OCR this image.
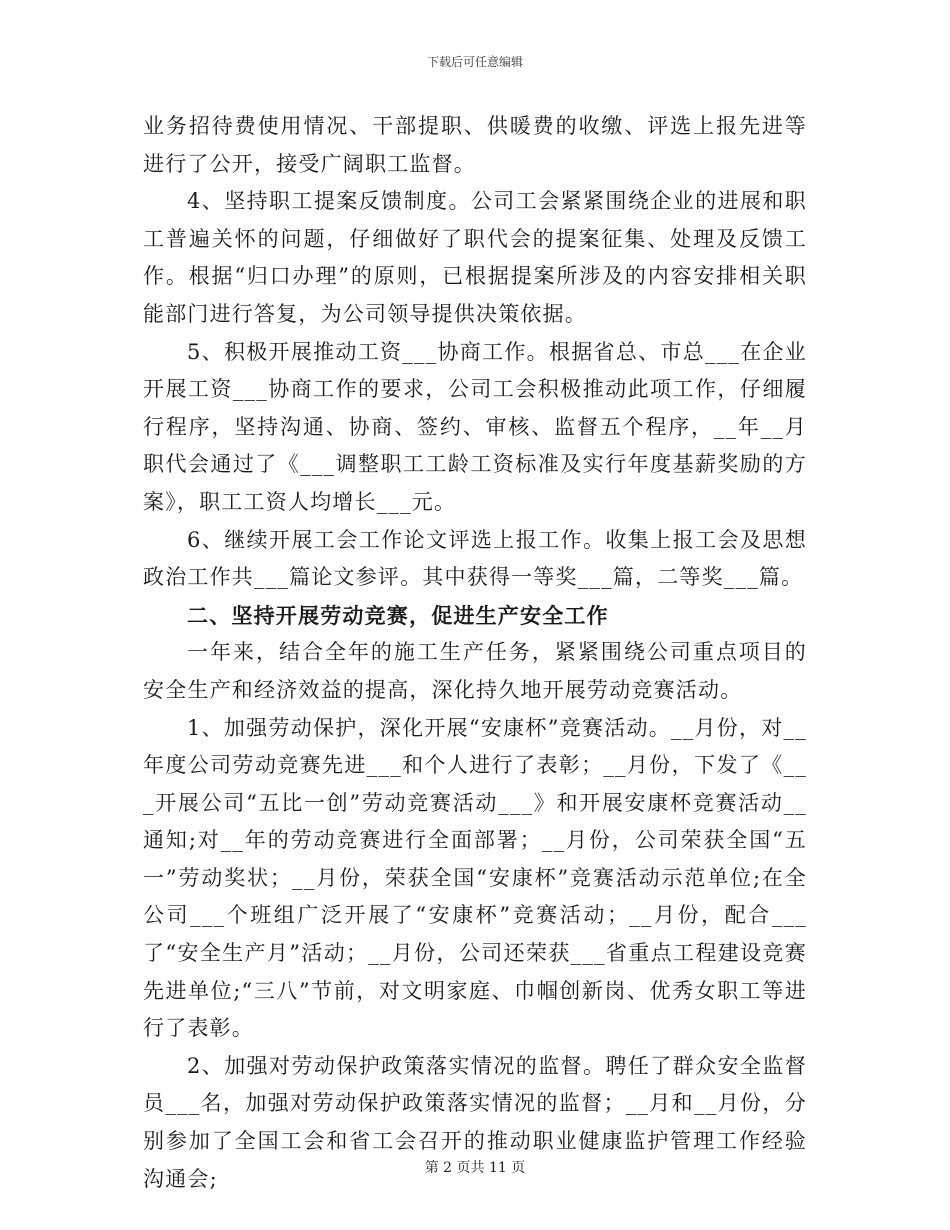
下载后可任意编辑

业务招待费使用情况、干部提职、供暖费的收缴、评选上报先进等进行了公开，接受广阔职工监督。

4、坚持职工提案反馈制度。公司工会紧紧围绕企业的进展和职工普遍关怀的问题，仔细做好了职代会的提案征集、处理及反馈工作。根据“归口办理”的原则，已根据提案所涉及的内容安排相关职能部门进行答复，为公司领导提供决策依据。

5、积极开展推动工资___协商工作。根据省总、市总___在企业开展工资___协商工作的要求，公司工会积极推动此项工作，仔细履行程序，坚持沟通、协商、签约、审核、监督五个程序，__年__月职代会通过了《___调整职工工龄工资标准及实行年度基薪奖励的方案》，职工工资人均增长___元。

6、继续开展工会工作论文评选上报工作。收集上报工会及思想政治工作共___篇论文参评。其中获得一等奖___篇，二等奖___篇。

二、坚持开展劳动竞赛，促进生产安全工作

一年来，结合全年的施工生产任务，紧紧围绕公司重点项目的安全生产和经济效益的提高，深化持久地开展劳动竞赛活动。

1、加强劳动保护，深化开展“安康杯”竞赛活动。__月份，对__年度公司劳动竞赛先进___和个人进行了表彰；__月份，下发了《___开展公司“五比一创”劳动竞赛活动___》和开展安康杯竞赛活动__通知;对__年的劳动竞赛进行全面部署；__月份，公司荣获全国“五一”劳动奖状；__月份，荣获全国“安康杯”竞赛活动示范单位;在全公司___个班组广泛开展了“安康杯”竞赛活动；__月份，配合___了“安全生产月”活动；__月份，公司还荣获___省重点工程建设竞赛先进单位;“三八”节前，对文明家庭、巾帼创新岗、优秀女职工等进行了表彰。

2、加强对劳动保护政策落实情况的监督。聘任了群众安全监督员___名，加强对劳动保护政策落实情况的监督；__月和__月份，分别参加了全国工会和省工会召开的推动职业健康监护管理工作经验沟通会;	第 2 页共 11 页
